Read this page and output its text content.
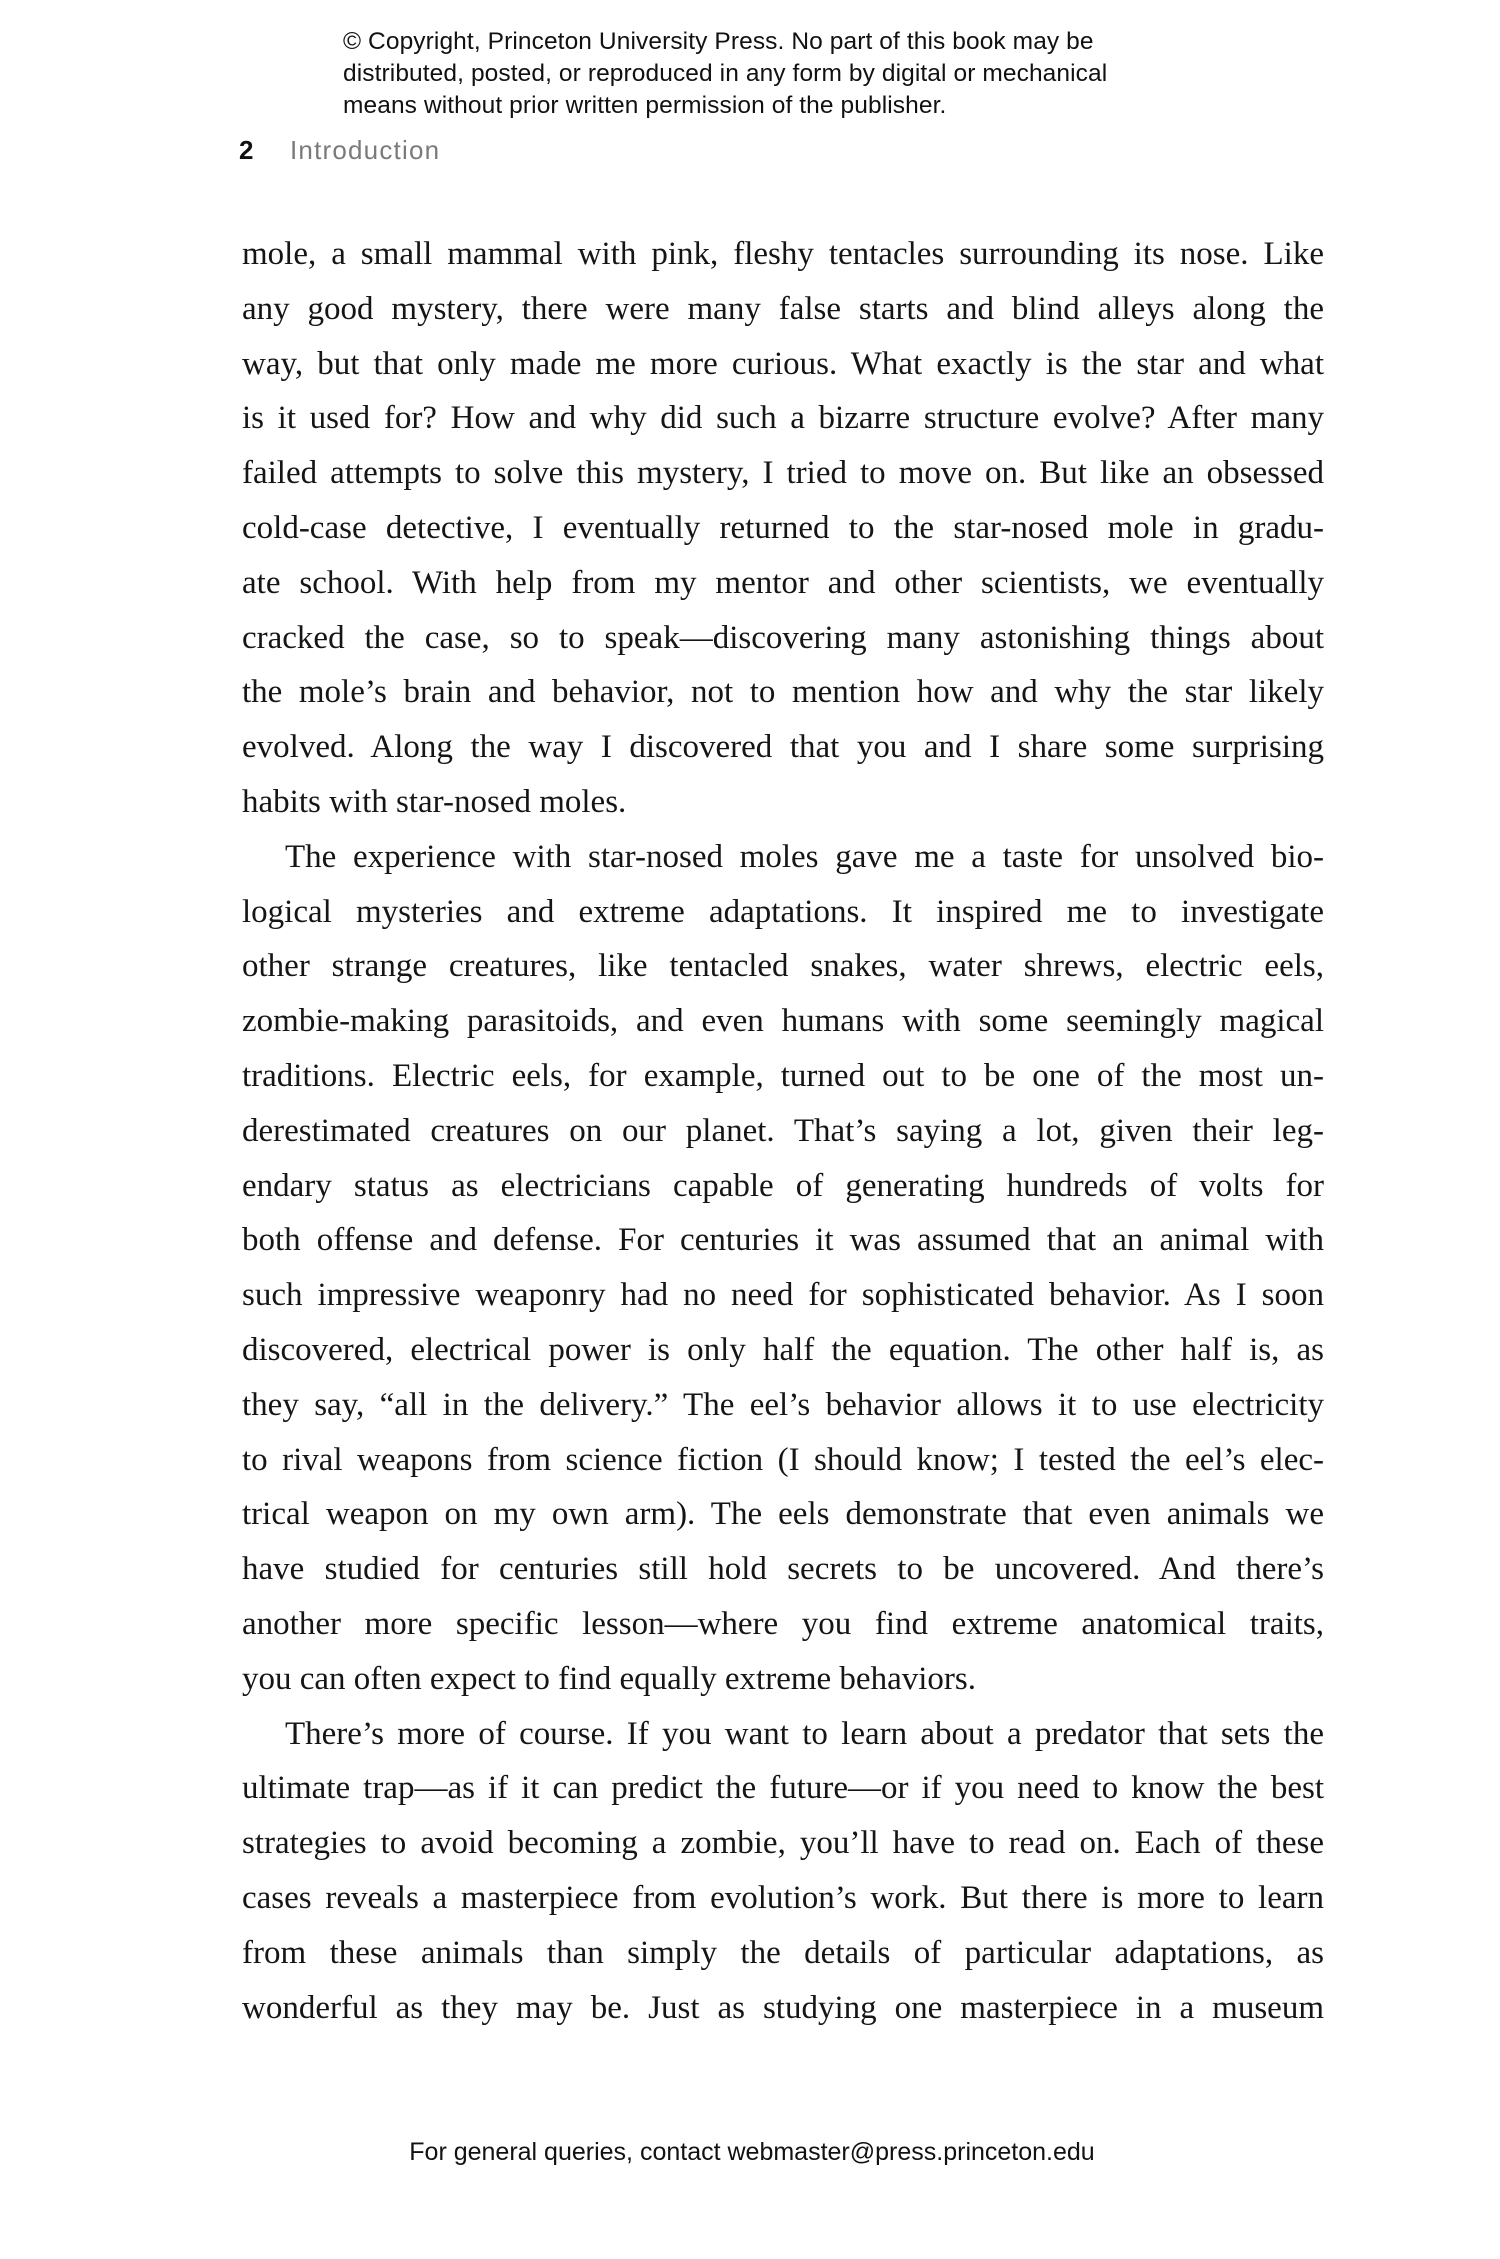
© Copyright, Princeton University Press. No part of this book may be
distributed, posted, or reproduced in any form by digital or mechanical
means without prior written permission of the publisher.
2 Introduction
mole, a small mammal with pink, fleshy tentacles surrounding its nose. Like
any good mystery, there were many false starts and blind alleys along the
way, but that only made me more curious. What exactly is the star and what
is it used for? How and why did such a bizarre structure evolve? After many
failed attempts to solve this mystery, I tried to move on. But like an obsessed
cold-case detective, I eventually returned to the star-nosed mole in gradu-
ate school. With help from my mentor and other scientists, we eventually
cracked the case, so to speak—discovering many astonishing things about
the mole’s brain and behavior, not to mention how and why the star likely
evolved. Along the way I discovered that you and I share some surprising
habits with star-nosed moles.
The experience with star-nosed moles gave me a taste for unsolved bio-
logical mysteries and extreme adaptations. It inspired me to investigate
other strange creatures, like tentacled snakes, water shrews, electric eels,
zombie-making parasitoids, and even humans with some seemingly magical
traditions. Electric eels, for example, turned out to be one of the most un-
derestimated creatures on our planet. That’s saying a lot, given their leg-
endary status as electricians capable of generating hundreds of volts for
both offense and defense. For centuries it was assumed that an animal with
such impressive weaponry had no need for sophisticated behavior. As I soon
discovered, electrical power is only half the equation. The other half is, as
they say, “all in the delivery.” The eel’s behavior allows it to use electricity
to rival weapons from science fiction (I should know; I tested the eel’s elec-
trical weapon on my own arm). The eels demonstrate that even animals we
have studied for centuries still hold secrets to be uncovered. And there’s
another more specific lesson—where you find extreme anatomical traits,
you can often expect to find equally extreme behaviors.
There’s more of course. If you want to learn about a predator that sets the
ultimate trap—as if it can predict the future—or if you need to know the best
strategies to avoid becoming a zombie, you’ll have to read on. Each of these
cases reveals a masterpiece from evolution’s work. But there is more to learn
from these animals than simply the details of particular adaptations, as
wonderful as they may be. Just as studying one masterpiece in a museum
For general queries, contact webmaster@press.princeton.edu
